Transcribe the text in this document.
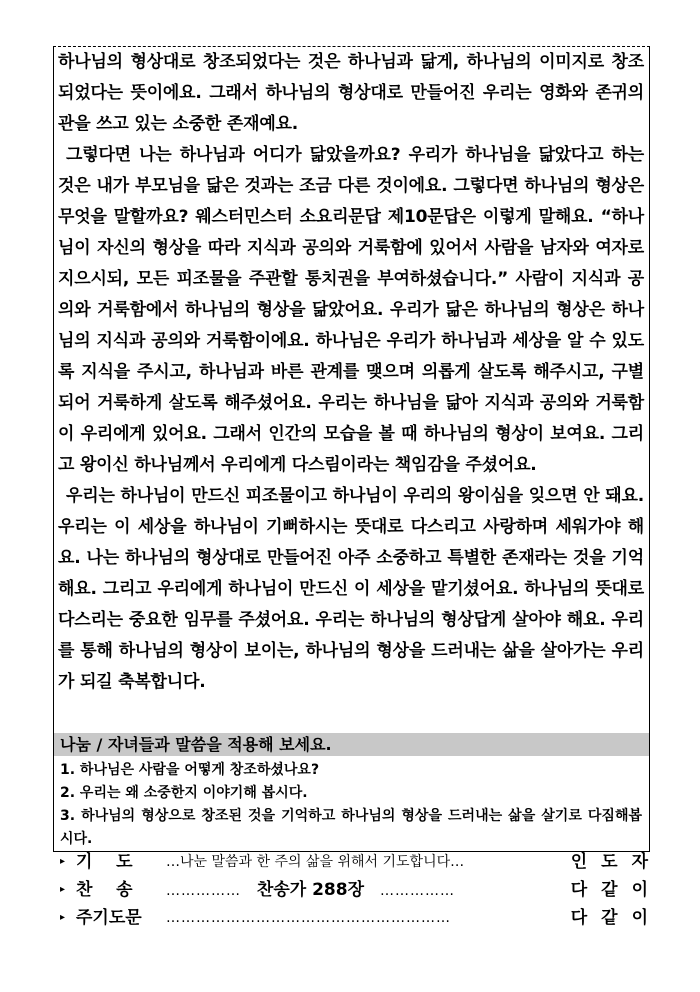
하나님의 형상대로 창조되었다는 것은 하나님과 닮게, 하나님의 이미지로 창조되었다는 뜻이에요. 그래서 하나님의 형상대로 만들어진 우리는 영화와 존귀의 관을 쓰고 있는 소중한 존재예요.

그렇다면 나는 하나님과 어디가 닮았을까요? 우리가 하나님을 닮았다고 하는 것은 내가 부모님을 닮은 것과는 조금 다른 것이에요. 그렇다면 하나님의 형상은 무엇을 말할까요? 웨스터민스터 소요리문답 제10문답은 이렇게 말해요. “하나님이 자신의 형상을 따라 지식과 공의와 거룩함에 있어서 사람을 남자와 여자로 지으시되, 모든 피조물을 주관할 통치권을 부여하셨습니다.” 사람이 지식과 공의와 거룩함에서 하나님의 형상을 닮았어요. 우리가 닮은 하나님의 형상은 하나님의 지식과 공의와 거룩함이에요. 하나님은 우리가 하나님과 세상을 알 수 있도록 지식을 주시고, 하나님과 바른 관계를 맺으며 의롭게 살도록 해주시고, 구별되어 거룩하게 살도록 해주셨어요. 우리는 하나님을 닮아 지식과 공의와 거룩함이 우리에게 있어요. 그래서 인간의 모습을 볼 때 하나님의 형상이 보여요. 그리고 왕이신 하나님께서 우리에게 다스림이라는 책임감을 주셨어요.

우리는 하나님이 만드신 피조물이고 하나님이 우리의 왕이심을 잊으면 안 돼요. 우리는 이 세상을 하나님이 기뻐하시는 뜻대로 다스리고 사랑하며 세워가야 해요. 나는 하나님의 형상대로 만들어진 아주 소중하고 특별한 존재라는 것을 기억해요. 그리고 우리에게 하나님이 만드신 이 세상을 맡기셨어요. 하나님의 뜻대로 다스리는 중요한 임무를 주셨어요. 우리는 하나님의 형상답게 살아야 해요. 우리를 통해 하나님의 형상이 보이는, 하나님의 형상을 드러내는 삶을 살아가는 우리가 되길 축복합니다.

나눔 / 자녀들과 말씀을 적용해 보세요.
1. 하나님은 사람을 어떻게 창조하셨나요?
2. 우리는 왜 소중한지 이야기해 봅시다.
3. 하나님의 형상으로 창조된 것을 기억하고 하나님의 형상을 드러내는 삶을 살기로 다짐해봅시다.
▸ 기    도 …나눈 말씀과 한 주의 삶을 위해서 기도합니다…	인도자
▸ 찬    송 …………… 찬송가 288장 ……………	다같이
▸ 주기도문 …………………………………………………	다같이
